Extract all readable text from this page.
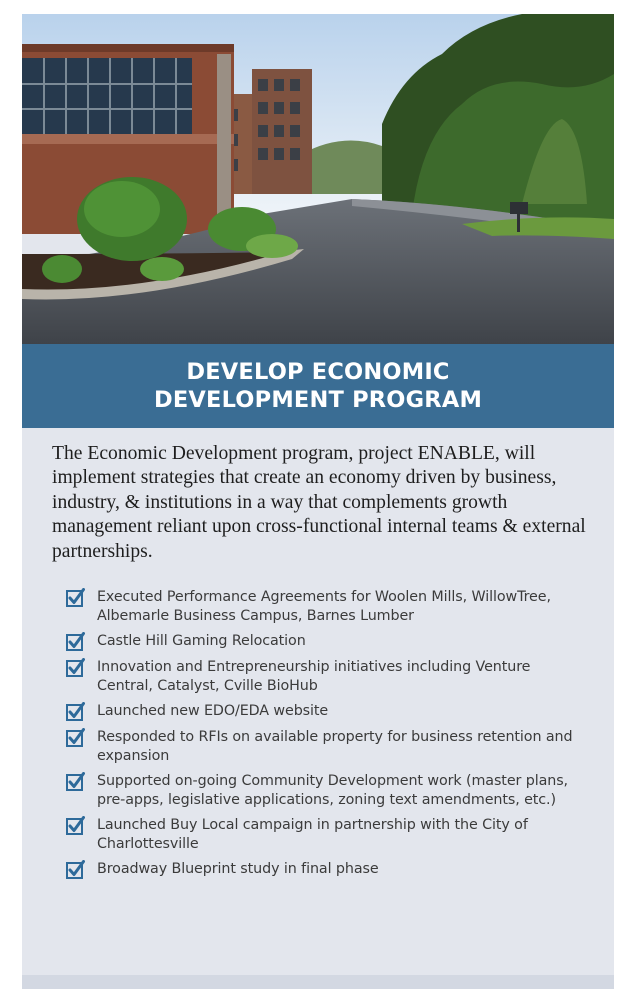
DEVELOP ECONOMIC DEVELOPMENT PROGRAM

The Economic Development program, project ENABLE, will implement strategies that create an economy driven by business, industry, & institutions in a way that complements growth management reliant upon cross-functional internal teams & external partnerships.

Executed Performance Agreements for Woolen Mills, WillowTree, Albemarle Business Campus, Barnes Lumber
Castle Hill Gaming Relocation
Innovation and Entrepreneurship initiatives including Venture Central, Catalyst, Cville BioHub
Launched new EDO/EDA website
Responded to RFIs on available property for business retention and expansion
Supported on-going Community Development work (master plans, pre-apps, legislative applications, zoning text amendments, etc.)
Launched Buy Local campaign in partnership with the City of Charlottesville
Broadway Blueprint study in final phase
